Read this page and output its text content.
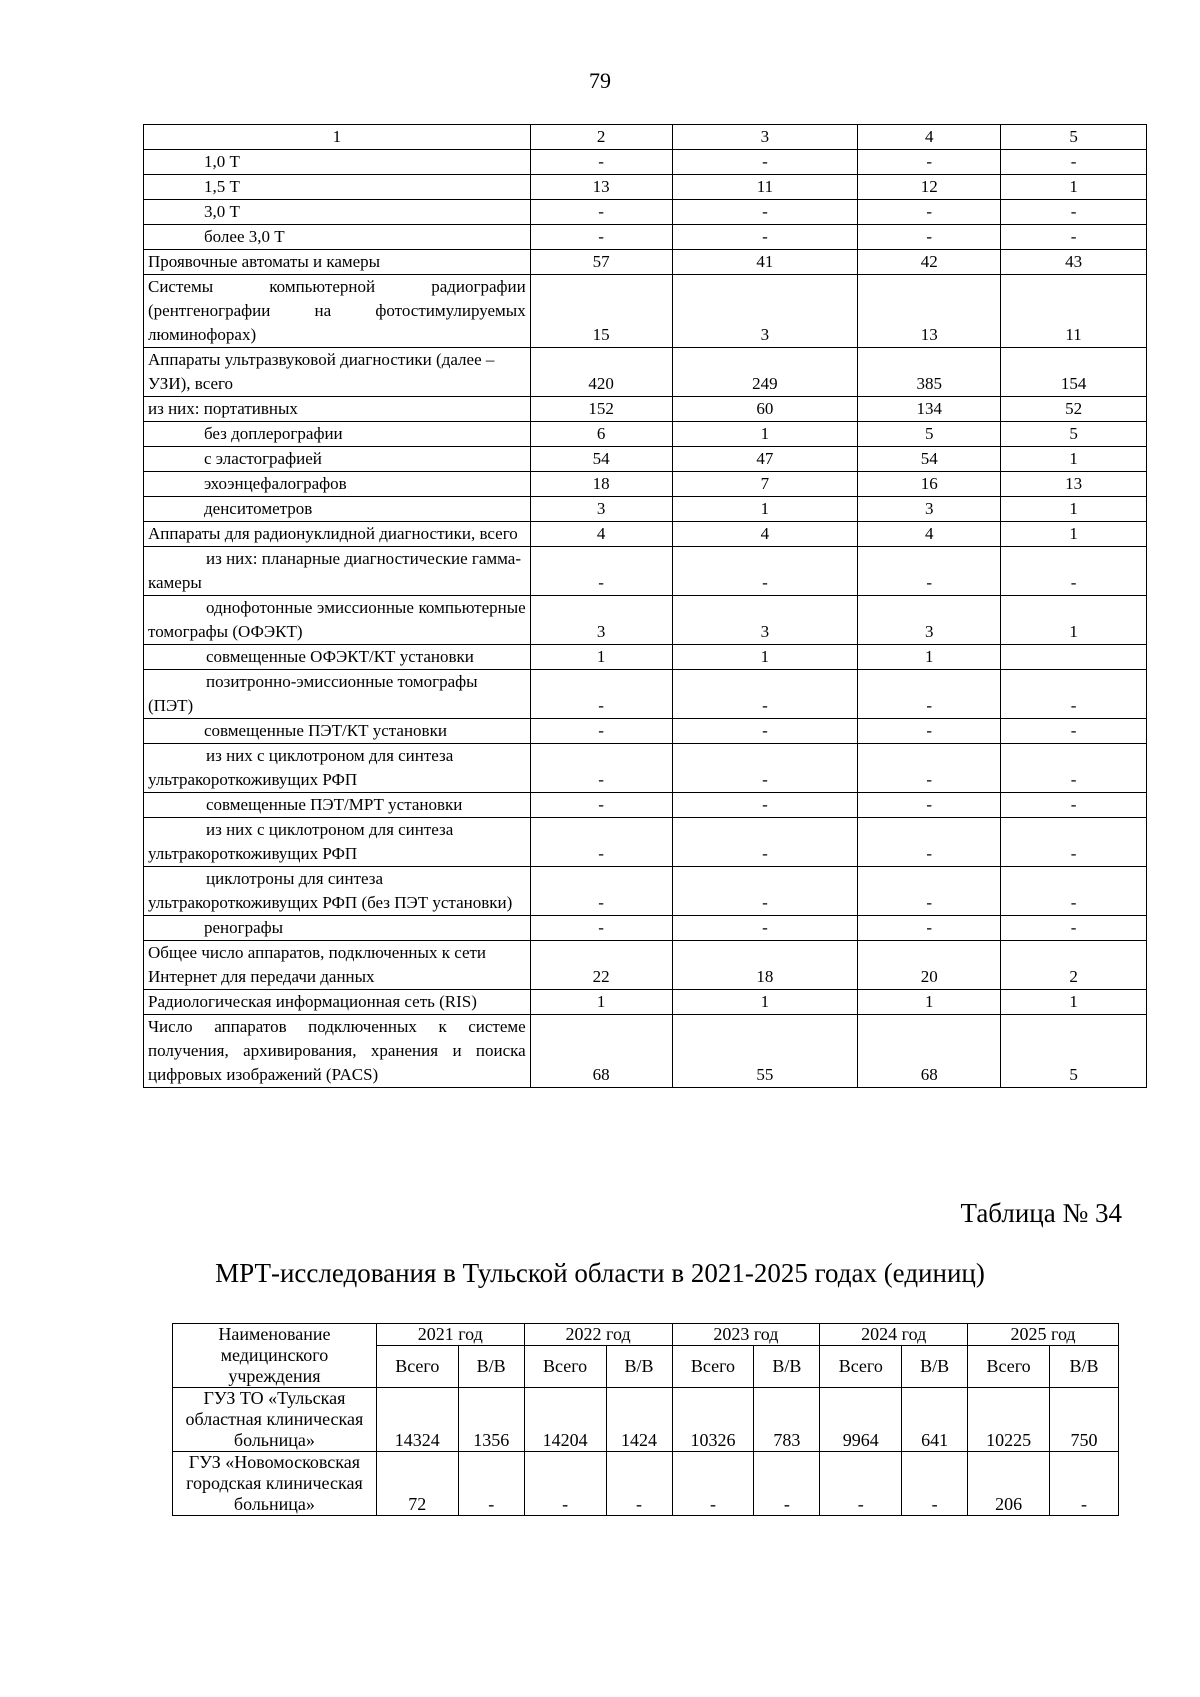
79
1	2	3	4	5
1,0 Т	-	-	-	-
1,5 Т	13	11	12	1
3,0 Т	-	-	-	-
более 3,0 Т	-	-	-	-
Проявочные автоматы и камеры	57	41	42	43
Системы компьютерной радиографии (рентгенографии на фотостимулируемых люминофорах)	15	3	13	11
Аппараты ультразвуковой диагностики (далее – УЗИ), всего	420	249	385	154
из них: портативных	152	60	134	52
без доплерографии	6	1	5	5
с эластографией	54	47	54	1
эхоэнцефалографов	18	7	16	13
денситометров	3	1	3	1
Аппараты для радионуклидной диагностики, всего	4	4	4	1
из них: планарные диагностические гамма-камеры	-	-	-	-
однофотонные эмиссионные компьютерные томографы (ОФЭКТ)	3	3	3	1
совмещенные ОФЭКТ/КТ установки	1	1	1	
позитронно-эмиссионные томографы (ПЭТ)	-	-	-	-
совмещенные ПЭТ/КТ установки	-	-	-	-
из них с циклотроном для синтеза ультракороткоживущих РФП	-	-	-	-
совмещенные ПЭТ/МРТ установки	-	-	-	-
из них с циклотроном для синтеза ультракороткоживущих РФП	-	-	-	-
циклотроны для синтеза ультракороткоживущих РФП (без ПЭТ установки)	-	-	-	-
ренографы	-	-	-	-
Общее число аппаратов, подключенных к сети Интернет для передачи данных	22	18	20	2
Радиологическая информационная сеть (RIS)	1	1	1	1
Число аппаратов подключенных к системе получения, архивирования, хранения и поиска цифровых изображений (PACS)	68	55	68	5
Таблица № 34
МРТ-исследования в Тульской области в 2021-2025 годах (единиц)
Наименование медицинского учреждения	2021 год		2022 год		2023 год		2024 год		2025 год	
	Всего	В/В	Всего	В/В	Всего	В/В	Всего	В/В	Всего	В/В
ГУЗ ТО «Тульская областная клиническая больница»	14324	1356	14204	1424	10326	783	9964	641	10225	750
ГУЗ «Новомосковская городская клиническая больница»	72	-	-	-	-	-	-	-	206	-
